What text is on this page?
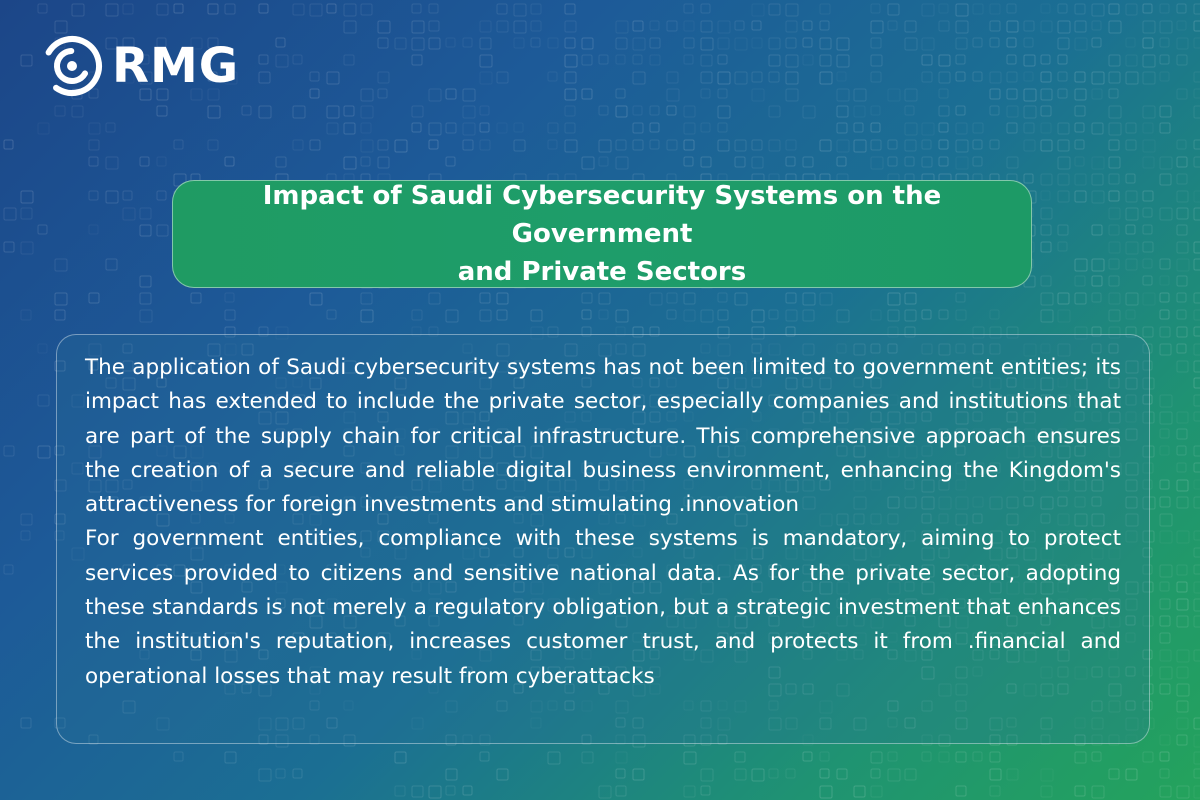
RMG
Impact of Saudi Cybersecurity Systems on the Government
and Private Sectors

The application of Saudi cybersecurity systems has not been limited to government entities; its impact has extended to include the private sector, especially companies and institutions that are part of the supply chain for critical infrastructure. This comprehensive approach ensures the creation of a secure and reliable digital business environment, enhancing the Kingdom's attractiveness for foreign investments and stimulating .innovation

For government entities, compliance with these systems is mandatory, aiming to protect services provided to citizens and sensitive national data. As for the private sector, adopting these standards is not merely a regulatory obligation, but a strategic investment that enhances the institution's reputation, increases customer trust, and protects it from .financial and operational losses that may result from cyberattacks
